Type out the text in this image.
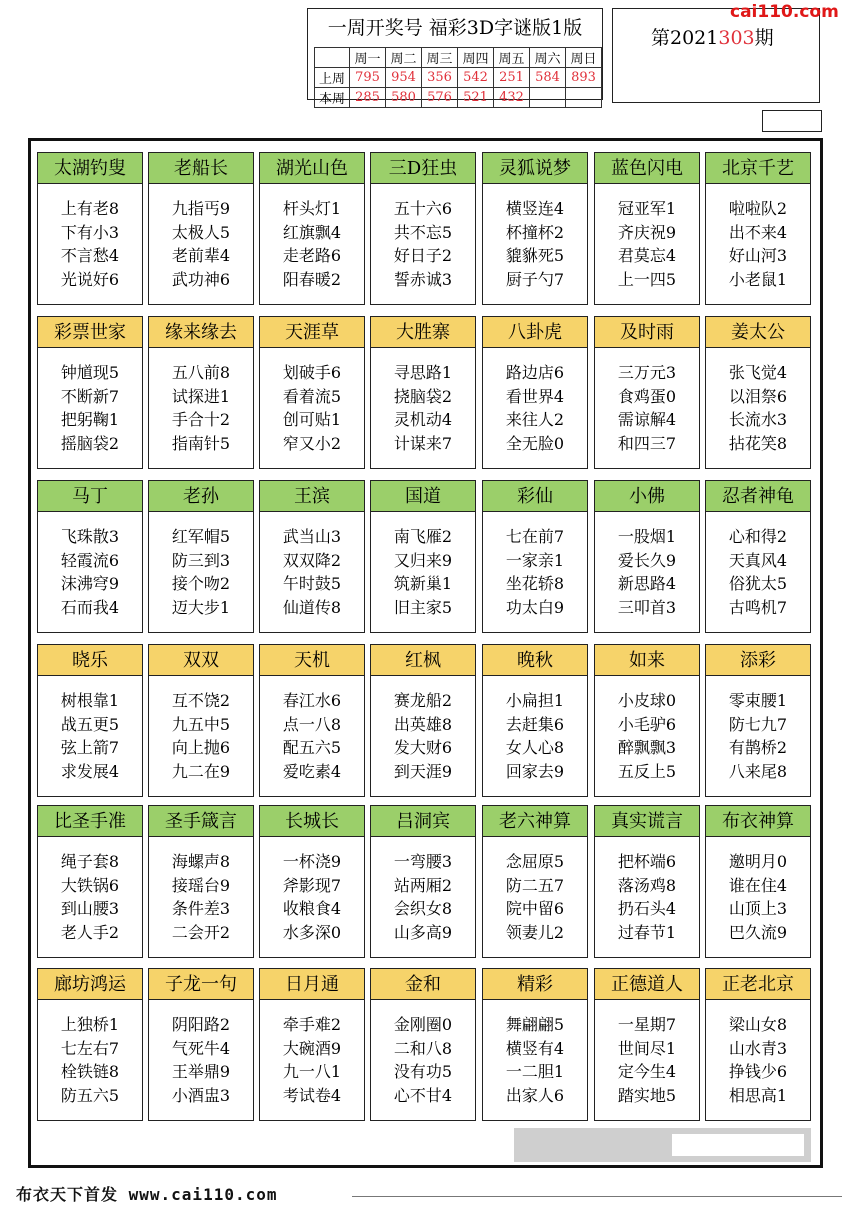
一周开奖号 福彩3D字谜版1版
	周一	周二	周三	周四	周五	周六	周日
上周	795	954	356	542	251	584	893
本周	285	580	576	521	432		
第2021303期
cai110.com
太湖钓叟
上有老8
下有小3
不言愁4
光说好6
老船长
九指丐9
太极人5
老前辈4
武功神6
湖光山色
杆头灯1
红旗飘4
走老路6
阳春暖2
三D狂虫
五十六6
共不忘5
好日子2
誓赤诚3
灵狐说梦
横竖连4
杯撞杯2
貔貅死5
厨子勺7
蓝色闪电
冠亚军1
齐庆祝9
君莫忘4
上一四5
北京千艺
啦啦队2
出不来4
好山河3
小老鼠1
彩票世家
钟馗现5
不断新7
把躬鞠1
摇脑袋2
缘来缘去
五八前8
试探进1
手合十2
指南针5
天涯草
划破手6
看着流5
创可贴1
窄又小2
大胜寨
寻思路1
挠脑袋2
灵机动4
计谋来7
八卦虎
路边店6
看世界4
来往人2
全无脸0
及时雨
三万元3
食鸡蛋0
需谅解4
和四三7
姜太公
张飞觉4
以泪祭6
长流水3
拈花笑8
马丁
飞珠散3
轻霞流6
沫沸穹9
石而我4
老孙
红军帽5
防三到3
接个吻2
迈大步1
王滨
武当山3
双双降2
午时鼓5
仙道传8
国道
南飞雁2
又归来9
筑新巢1
旧主家5
彩仙
七在前7
一家亲1
坐花轿8
功太白9
小佛
一股烟1
爱长久9
新思路4
三叩首3
忍者神龟
心和得2
天真风4
俗犹太5
古鸣机7
晓乐
树根靠1
战五更5
弦上箭7
求发展4
双双
互不饶2
九五中5
向上抛6
九二在9
天机
春江水6
点一八8
配五六5
爱吃素4
红枫
赛龙船2
出英雄8
发大财6
到天涯9
晚秋
小扁担1
去赶集6
女人心8
回家去9
如来
小皮球0
小毛驴6
醉飘飘3
五反上5
添彩
零束腰1
防七九7
有鹊桥2
八来尾8
比圣手准
绳子套8
大铁锅6
到山腰3
老人手2
圣手箴言
海螺声8
接瑶台9
条件差3
二会开2
长城长
一杯浇9
斧影现7
收粮食4
水多深0
吕洞宾
一弯腰3
站两厢2
会织女8
山多高9
老六神算
念屈原5
防二五7
院中留6
领妻儿2
真实谎言
把杯端6
落汤鸡8
扔石头4
过春节1
布衣神算
邀明月0
谁在住4
山顶上3
巴久流9
廊坊鸿运
上独桥1
七左右7
栓铁链8
防五六5
子龙一句
阴阳路2
气死牛4
王举鼎9
小酒盅3
日月通
牵手难2
大碗酒9
九一八1
考试卷4
金和
金刚圈0
二和八8
没有功5
心不甘4
精彩
舞翩翩5
横竖有4
一二胆1
出家人6
正德道人
一星期7
世间尽1
定今生4
踏实地5
正老北京
梁山女8
山水青3
挣钱少6
相思高1
布衣天下首发 www.cai110.com
